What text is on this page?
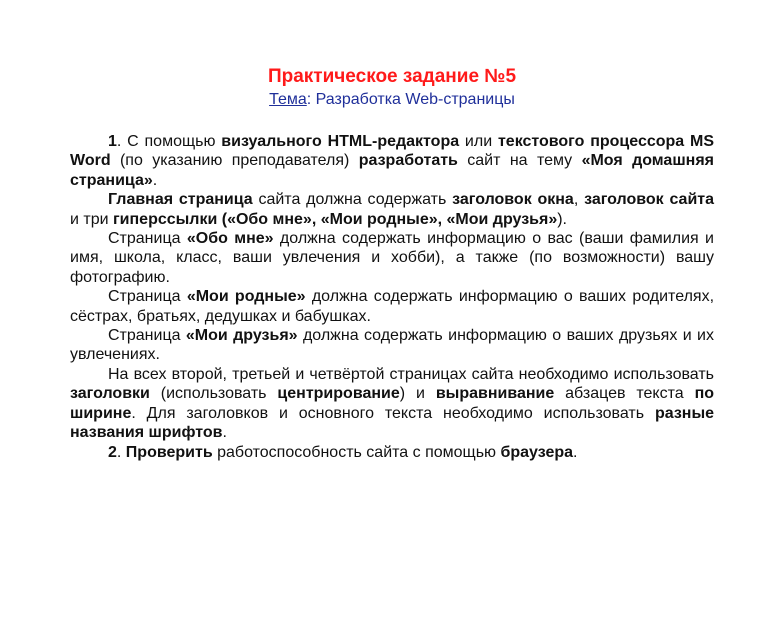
Практическое задание №5

Тема: Разработка Web-страницы

1. С помощью визуального HTML-редактора или текстового процессора MS Word (по указанию преподавателя) разработать сайт на тему «Моя домашняя страница».

Главная страница сайта должна содержать заголовок окна, заголовок сайта и три гиперссылки («Обо мне», «Мои родные», «Мои друзья»).

Страница «Обо мне» должна содержать информацию о вас (ваши фамилия и имя, школа, класс, ваши увлечения и хобби), а также (по возможности) вашу фотографию.

Страница «Мои родные» должна содержать информацию о ваших родителях, сёстрах, братьях, дедушках и бабушках.

Страница «Мои друзья» должна содержать информацию о ваших друзьях и их увлечениях.

На всех второй, третьей и четвёртой страницах сайта необходимо использовать заголовки (использовать центрирование) и выравнивание абзацев текста по ширине. Для заголовков и основного текста необходимо использовать разные названия шрифтов.

2. Проверить работоспособность сайта с помощью браузера.
